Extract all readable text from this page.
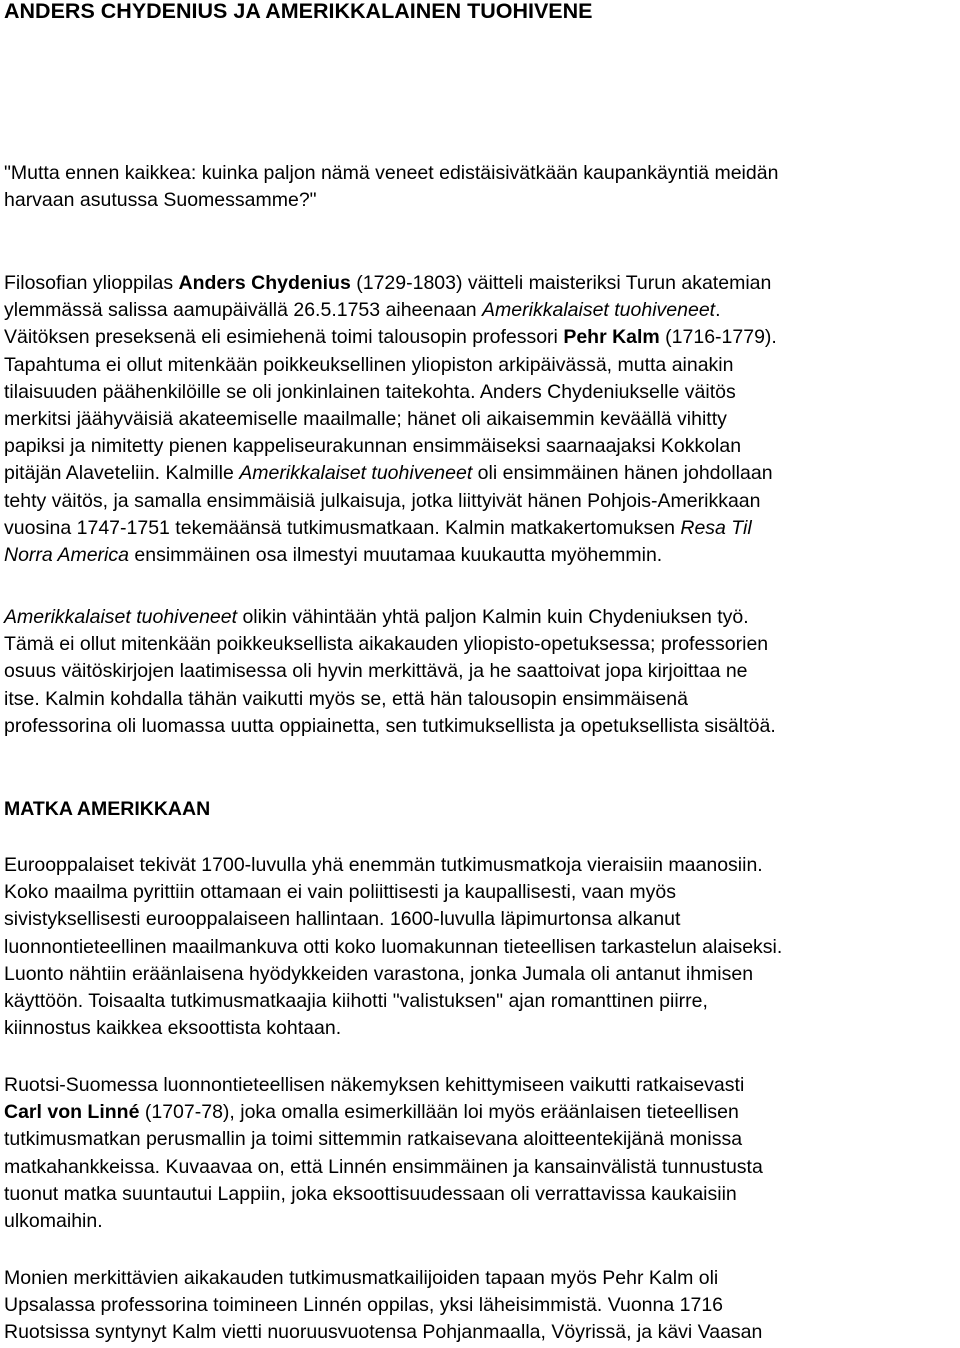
ANDERS CHYDENIUS JA AMERIKKALAINEN TUOHIVENE

"Mutta ennen kaikkea: kuinka paljon nämä veneet edistäisivätkään kaupankäyntiä meidän
harvaan asutussa Suomessamme?"

Filosofian ylioppilas Anders Chydenius (1729-1803) väitteli maisteriksi Turun akatemian
ylemmässä salissa aamupäivällä 26.5.1753 aiheenaan Amerikkalaiset tuohiveneet.
Väitöksen preseksenä eli esimiehenä toimi talousopin professori Pehr Kalm (1716-1779).
Tapahtuma ei ollut mitenkään poikkeuksellinen yliopiston arkipäivässä, mutta ainakin
tilaisuuden päähenkilöille se oli jonkinlainen taitekohta. Anders Chydeniukselle väitös
merkitsi jäähyväisiä akateemiselle maailmalle; hänet oli aikaisemmin keväällä vihitty
papiksi ja nimitetty pienen kappeliseurakunnan ensimmäiseksi saarnaajaksi Kokkolan
pitäjän Alaveteliin. Kalmille Amerikkalaiset tuohiveneet oli ensimmäinen hänen johdollaan
tehty väitös, ja samalla ensimmäisiä julkaisuja, jotka liittyivät hänen Pohjois-Amerikkaan
vuosina 1747-1751 tekemäänsä tutkimusmatkaan. Kalmin matkakertomuksen Resa Til
Norra America ensimmäinen osa ilmestyi muutamaa kuukautta myöhemmin.

Amerikkalaiset tuohiveneet olikin vähintään yhtä paljon Kalmin kuin Chydeniuksen työ.
Tämä ei ollut mitenkään poikkeuksellista aikakauden yliopisto-opetuksessa; professorien
osuus väitöskirjojen laatimisessa oli hyvin merkittävä, ja he saattoivat jopa kirjoittaa ne
itse. Kalmin kohdalla tähän vaikutti myös se, että hän talousopin ensimmäisenä
professorina oli luomassa uutta oppiainetta, sen tutkimuksellista ja opetuksellista sisältöä.

MATKA AMERIKKAAN

Eurooppalaiset tekivät 1700-luvulla yhä enemmän tutkimusmatkoja vieraisiin maanosiin.
Koko maailma pyrittiin ottamaan ei vain poliittisesti ja kaupallisesti, vaan myös
sivistyksellisesti eurooppalaiseen hallintaan. 1600-luvulla läpimurtonsa alkanut
luonnontieteellinen maailmankuva otti koko luomakunnan tieteellisen tarkastelun alaiseksi.
Luonto nähtiin eräänlaisena hyödykkeiden varastona, jonka Jumala oli antanut ihmisen
käyttöön. Toisaalta tutkimusmatkaajia kiihotti "valistuksen" ajan romanttinen piirre,
kiinnostus kaikkea eksoottista kohtaan.

Ruotsi-Suomessa luonnontieteellisen näkemyksen kehittymiseen vaikutti ratkaisevasti
Carl von Linné (1707-78), joka omalla esimerkillään loi myös eräänlaisen tieteellisen
tutkimusmatkan perusmallin ja toimi sittemmin ratkaisevana aloitteentekijänä monissa
matkahankkeissa. Kuvaavaa on, että Linnén ensimmäinen ja kansainvälistä tunnustusta
tuonut matka suuntautui Lappiin, joka eksoottisuudessaan oli verrattavissa kaukaisiin
ulkomaihin.

Monien merkittävien aikakauden tutkimusmatkailijoiden tapaan myös Pehr Kalm oli
Upsalassa professorina toimineen Linnén oppilas, yksi läheisimmistä. Vuonna 1716
Ruotsissa syntynyt Kalm vietti nuoruusvuotensa Pohjanmaalla, Vöyrissä, ja kävi Vaasan
